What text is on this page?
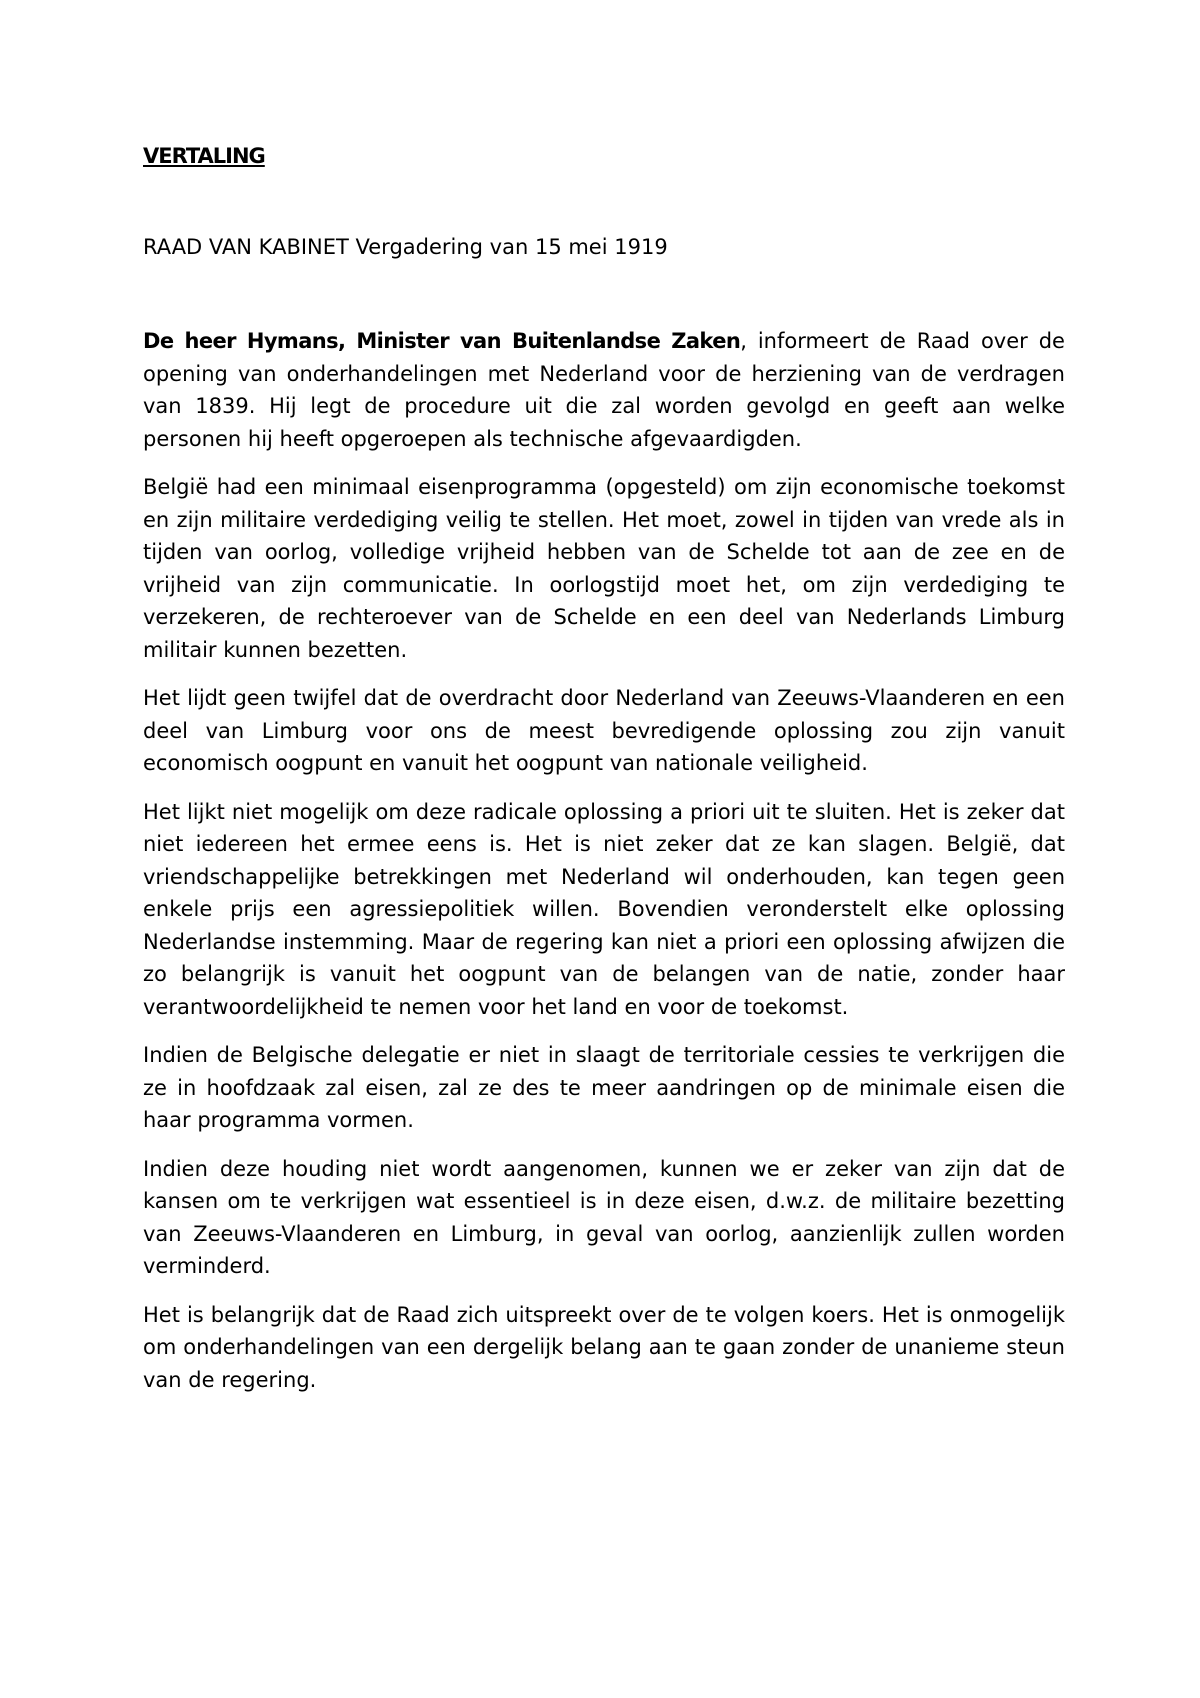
VERTALING

RAAD VAN KABINET Vergadering van 15 mei 1919

De heer Hymans, Minister van Buitenlandse Zaken, informeert de Raad over de opening van onderhandelingen met Nederland voor de herziening van de verdragen van 1839. Hij legt de procedure uit die zal worden gevolgd en geeft aan welke personen hij heeft opgeroepen als technische afgevaardigden.

België had een minimaal eisenprogramma (opgesteld) om zijn economische toekomst en zijn militaire verdediging veilig te stellen. Het moet, zowel in tijden van vrede als in tijden van oorlog, volledige vrijheid hebben van de Schelde tot aan de zee en de vrijheid van zijn communicatie. In oorlogstijd moet het, om zijn verdediging te verzekeren, de rechteroever van de Schelde en een deel van Nederlands Limburg militair kunnen bezetten.

Het lijdt geen twijfel dat de overdracht door Nederland van Zeeuws-Vlaanderen en een deel van Limburg voor ons de meest bevredigende oplossing zou zijn vanuit economisch oogpunt en vanuit het oogpunt van nationale veiligheid.

Het lijkt niet mogelijk om deze radicale oplossing a priori uit te sluiten. Het is zeker dat niet iedereen het ermee eens is. Het is niet zeker dat ze kan slagen. België, dat vriendschappelijke betrekkingen met Nederland wil onderhouden, kan tegen geen enkele prijs een agressiepolitiek willen. Bovendien veronderstelt elke oplossing Nederlandse instemming. Maar de regering kan niet a priori een oplossing afwijzen die zo belangrijk is vanuit het oogpunt van de belangen van de natie, zonder haar verantwoordelijkheid te nemen voor het land en voor de toekomst.

Indien de Belgische delegatie er niet in slaagt de territoriale cessies te verkrijgen die ze in hoofdzaak zal eisen, zal ze des te meer aandringen op de minimale eisen die haar programma vormen.

Indien deze houding niet wordt aangenomen, kunnen we er zeker van zijn dat de kansen om te verkrijgen wat essentieel is in deze eisen, d.w.z. de militaire bezetting van Zeeuws-Vlaanderen en Limburg, in geval van oorlog, aanzienlijk zullen worden verminderd.

Het is belangrijk dat de Raad zich uitspreekt over de te volgen koers. Het is onmogelijk om onderhandelingen van een dergelijk belang aan te gaan zonder de unanieme steun van de regering.
